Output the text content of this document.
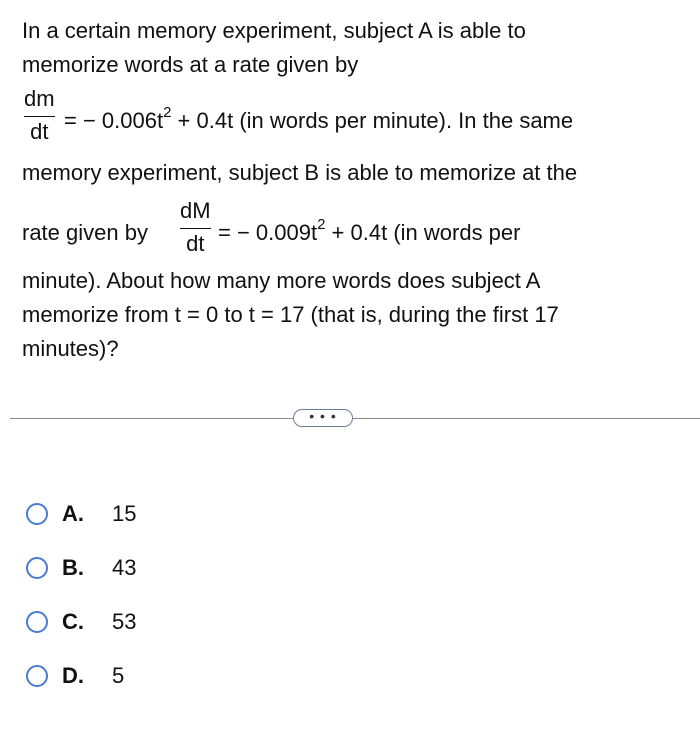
In a certain memory experiment, subject A is able to
memorize words at a rate given by
dm
dt = − $0.006t^2 + 0.4t$ (in words per minute). In the same
memory experiment, subject B is able to memorize at the
rate given by
dM
dt = − $0.009t^2 + 0.4t$ (in words per
minute). About how many more words does subject A
memorize from t = 0 to t = 17 (that is, during the first 17
minutes)?
• • •
A.	15
B.	43
C.	53
D.	5
